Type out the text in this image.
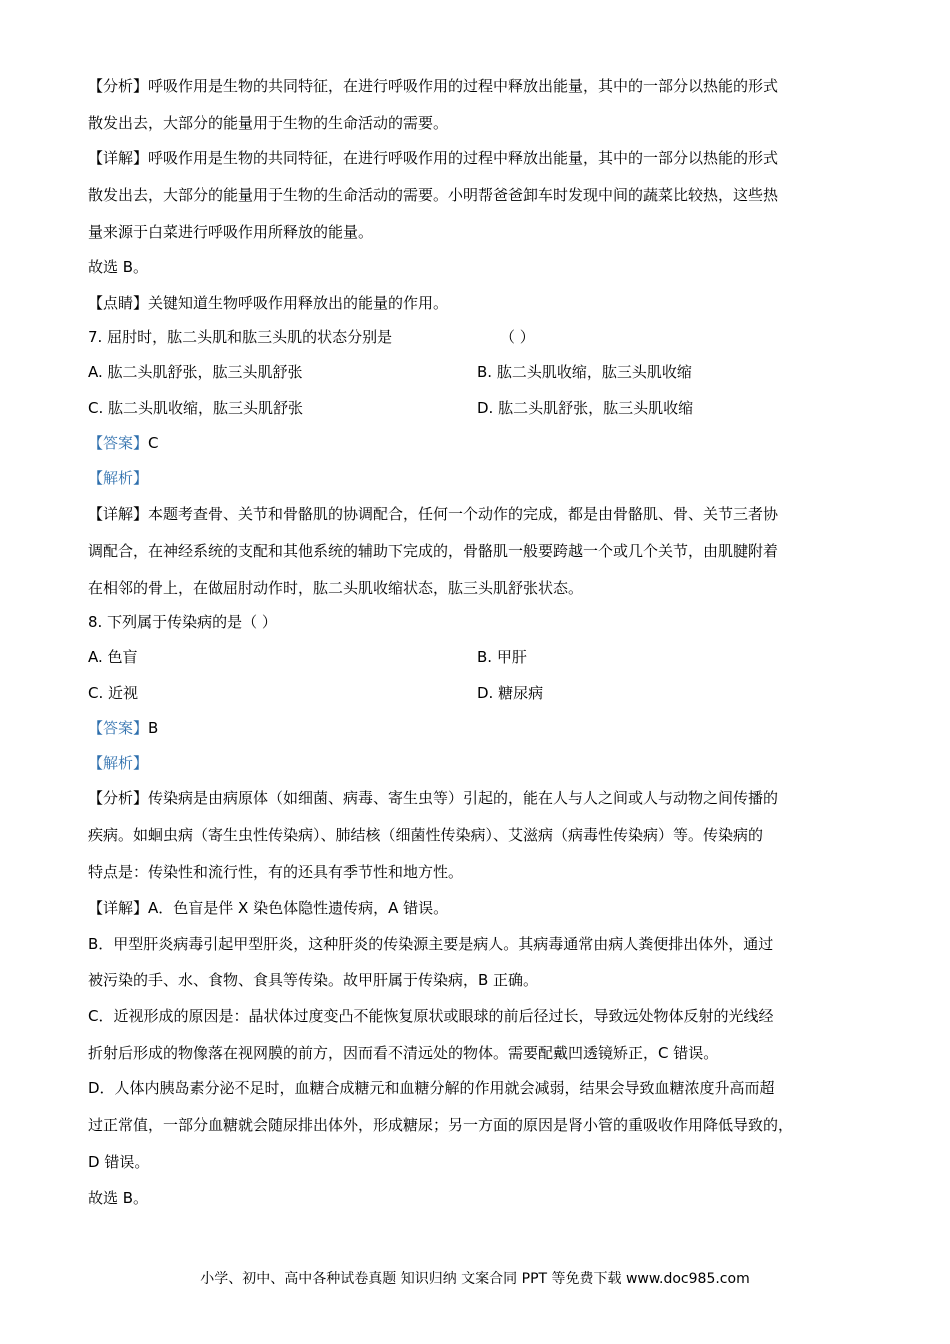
【分析】呼吸作用是生物的共同特征，在进行呼吸作用的过程中释放出能量，其中的一部分以热能的形式
散发出去，大部分的能量用于生物的生命活动的需要。
【详解】呼吸作用是生物的共同特征，在进行呼吸作用的过程中释放出能量，其中的一部分以热能的形式
散发出去，大部分的能量用于生物的生命活动的需要。小明帮爸爸卸车时发现中间的蔬菜比较热，这些热
量来源于白菜进行呼吸作用所释放的能量。
故选 B。
【点睛】关键知道生物呼吸作用释放出的能量的作用。
7. 屈肘时，肱二头肌和肱三头肌的状态分别是	（ ）
A. 肱二头肌舒张，肱三头肌舒张	B. 肱二头肌收缩，肱三头肌收缩
C. 肱二头肌收缩，肱三头肌舒张	D. 肱二头肌舒张，肱三头肌收缩
【答案】C
【解析】
【详解】本题考查骨、关节和骨骼肌的协调配合，任何一个动作的完成，都是由骨骼肌、骨、关节三者协
调配合，在神经系统的支配和其他系统的辅助下完成的，骨骼肌一般要跨越一个或几个关节，由肌腱附着
在相邻的骨上，在做屈肘动作时，肱二头肌收缩状态，肱三头肌舒张状态。
8. 下列属于传染病的是（ ）
A. 色盲	B. 甲肝
C. 近视	D. 糖尿病
【答案】B
【解析】
【分析】传染病是由病原体（如细菌、病毒、寄生虫等）引起的，能在人与人之间或人与动物之间传播的
疾病。如蛔虫病（寄生虫性传染病）、肺结核（细菌性传染病）、艾滋病（病毒性传染病）等。传染病的
特点是：传染性和流行性，有的还具有季节性和地方性。
【详解】A．色盲是伴 X 染色体隐性遗传病，A 错误。
B．甲型肝炎病毒引起甲型肝炎，这种肝炎的传染源主要是病人。其病毒通常由病人粪便排出体外，通过
被污染的手、水、食物、食具等传染。故甲肝属于传染病，B 正确。
C．近视形成的原因是：晶状体过度变凸不能恢复原状或眼球的前后径过长，导致远处物体反射的光线经
折射后形成的物像落在视网膜的前方，因而看不清远处的物体。需要配戴凹透镜矫正，C 错误。
D．人体内胰岛素分泌不足时，血糖合成糖元和血糖分解的作用就会减弱，结果会导致血糖浓度升高而超
过正常值，一部分血糖就会随尿排出体外，形成糖尿；另一方面的原因是肾小管的重吸收作用降低导致的，
D 错误。
故选 B。
小学、初中、高中各种试卷真题 知识归纳 文案合同 PPT 等免费下载 www.doc985.com
